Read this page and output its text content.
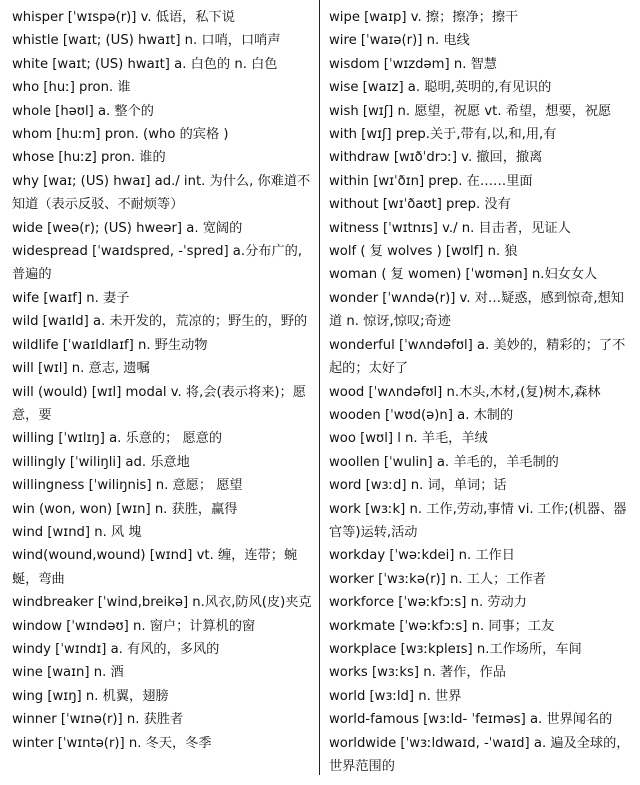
whisper [ˈwɪspə(r)] v. 低语，私下说
whistle [waɪt; (US) hwaɪt] n. 口哨，口哨声
white [waɪt; (US) hwaɪt] a. 白色的 n. 白色
who [huː] pron. 谁
whole [həʊl] a. 整个的
whom [huːm] pron. (who 的宾格 )
whose [huːz] pron. 谁的
why [waɪ; (US) hwaɪ] ad./ int. 为什么, 你难道不知道（表示反驳、不耐烦等）
wide [weə(r); (US) hweər] a. 宽阔的
widespread [ˈwaɪdspred, -ˈspred] a.分布广的, 普遍的
wife [waɪf] n. 妻子
wild [waɪld] a. 未开发的，荒凉的；野生的，野的
wildlife [ˈwaɪldlaɪf] n. 野生动物
will [wɪl] n. 意志, 遗嘱
will (would) [wɪl] modal v. 将,会(表示将来)；愿意，要
willing [ˈwɪlɪŋ] a. 乐意的； 愿意的
willingly [ˈwiliŋli] ad. 乐意地
willingness [ˈwiliŋnis] n. 意愿； 愿望
win (won, won) [wɪn] n. 获胜，赢得
wind [wɪnd] n. 风 塊
wind(wound,wound) [wɪnd] vt. 缠，连带；蜿蜒，弯曲
windbreaker [ˈwind,breikə] n.风衣,防风(皮)夹克
window [ˈwɪndəʊ] n. 窗户；计算机的窗
windy [ˈwɪndɪ] a. 有风的，多风的
wine [waɪn] n. 酒
wing [wɪŋ] n. 机翼，翅膀
winner [ˈwɪnə(r)] n. 获胜者
winter [ˈwɪntə(r)] n. 冬天，冬季
wipe [waɪp] v. 擦；擦净；擦干
wire [ˈwaɪə(r)] n. 电线
wisdom [ˈwɪzdəm] n. 智慧
wise [waɪz] a. 聪明,英明的,有见识的
wish [wɪʃ] n. 愿望，祝愿 vt. 希望，想要，祝愿
with [wɪʃ] prep.关于,带有,以,和,用,有
withdraw [wɪðˈdrɔː] v. 撤回，撤离
within [wɪˈðɪn] prep. 在……里面
without [wɪˈðaʊt] prep. 没有
witness [ˈwɪtnɪs] v./ n. 目击者，见证人
wolf ( 复 wolves ) [wʊlf] n. 狼
woman ( 复 women) [ˈwʊmən] n.妇女女人
wonder [ˈwʌndə(r)] v. 对…疑惑，感到惊奇,想知道 n. 惊讶,惊叹;奇迹
wonderful [ˈwʌndəfʊl] a. 美妙的，精彩的；了不起的；太好了
wood [ˈwʌndəfʊl] n.木头,木材,(复)树木,森林
wooden [ˈwʊd(ə)n] a. 木制的
woo [wʊl] l n. 羊毛，羊绒
woollen [ˈwulin] a. 羊毛的，羊毛制的
word [wɜːd] n. 词，单词；话
work [wɜːk] n. 工作,劳动,事情 vi. 工作;(机器、器官等)运转,活动
workday [ˈwəːkdei] n. 工作日
worker [ˈwɜːkə(r)] n. 工人；工作者
workforce [ˈwəːkfɔːs] n. 劳动力
workmate [ˈwəːkfɔːs] n. 同事；工友
workplace [wɜːkpleɪs] n.工作场所，车间
works [wɜːks] n. 著作，作品
world [wɜːld] n. 世界
world-famous [wɜːld- ˈfeɪməs] a. 世界闻名的
worldwide [ˈwɜːldwaɪd, -ˈwaɪd] a. 遍及全球的，世界范围的
